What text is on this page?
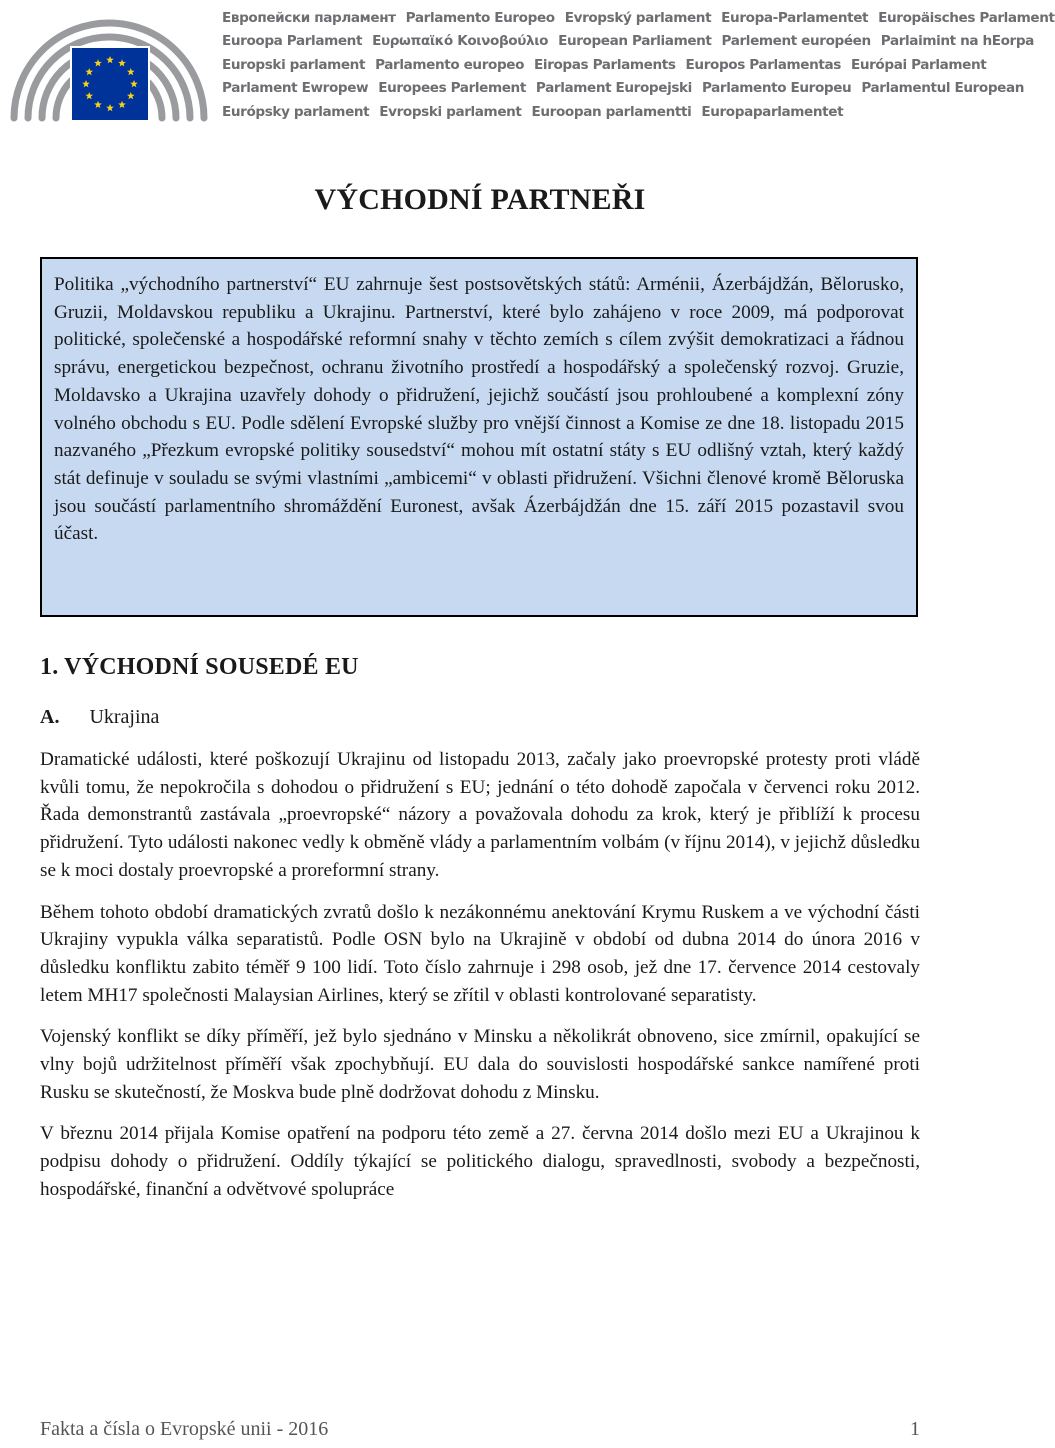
Европейски парламент Parlamento Europeo Evropský parlament Europa-Parlamentet Europäisches Parlament
Euroopa Parlament Ευρωπαϊκό Κοινοβούλιο European Parliament Parlement européen Parlaimint na hEorpa
Europski parlament Parlamento europeo Eiropas Parlaments Europos Parlamentas Európai Parlament
Parlament Ewropew Europees Parlement Parlament Europejski Parlamento Europeu Parlamentul European
Európsky parlament Evropski parlament Euroopan parlamentti Europaparlamentet
VÝCHODNÍ PARTNEŘI

Politika „východního partnerství“ EU zahrnuje šest postsovětských států: Arménii, Ázerbájdžán, Bělorusko, Gruzii, Moldavskou republiku a Ukrajinu. Partnerství, které bylo zahájeno v roce 2009, má podporovat politické, společenské a hospodářské reformní snahy v těchto zemích s cílem zvýšit demokratizaci a řádnou správu, energetickou bezpečnost, ochranu životního prostředí a hospodářský a společenský rozvoj. Gruzie, Moldavsko a Ukrajina uzavřely dohody o přidružení, jejichž součástí jsou prohloubené a komplexní zóny volného obchodu s EU. Podle sdělení Evropské služby pro vnější činnost a Komise ze dne 18. listopadu 2015 nazvaného „Přezkum evropské politiky sousedství“ mohou mít ostatní státy s EU odlišný vztah, který každý stát definuje v souladu se svými vlastními „ambicemi“ v oblasti přidružení. Všichni členové kromě Běloruska jsou součástí parlamentního shromáždění Euronest, avšak Ázerbájdžán dne 15. září 2015 pozastavil svou účast.

1. VÝCHODNÍ SOUSEDÉ EU
A. Ukrajina

Dramatické události, které poškozují Ukrajinu od listopadu 2013, začaly jako proevropské protesty proti vládě kvůli tomu, že nepokročila s dohodou o přidružení s EU; jednání o této dohodě započala v červenci roku 2012. Řada demonstrantů zastávala „proevropské“ názory a považovala dohodu za krok, který je přiblíží k procesu přidružení. Tyto události nakonec vedly k obměně vlády a parlamentním volbám (v říjnu 2014), v jejichž důsledku se k moci dostaly proevropské a proreformní strany.

Během tohoto období dramatických zvratů došlo k nezákonnému anektování Krymu Ruskem a ve východní části Ukrajiny vypukla válka separatistů. Podle OSN bylo na Ukrajině v období od dubna 2014 do února 2016 v důsledku konfliktu zabito téměř 9 100 lidí. Toto číslo zahrnuje i 298 osob, jež dne 17. července 2014 cestovaly letem MH17 společnosti Malaysian Airlines, který se zřítil v oblasti kontrolované separatisty.

Vojenský konflikt se díky příměří, jež bylo sjednáno v Minsku a několikrát obnoveno, sice zmírnil, opakující se vlny bojů udržitelnost příměří však zpochybňují. EU dala do souvislosti hospodářské sankce namířené proti Rusku se skutečností, že Moskva bude plně dodržovat dohodu z Minsku.

V březnu 2014 přijala Komise opatření na podporu této země a 27. června 2014 došlo mezi EU a Ukrajinou k podpisu dohody o přidružení. Oddíly týkající se politického dialogu, spravedlnosti, svobody a bezpečnosti, hospodářské, finanční a odvětvové spolupráce

Fakta a čísla o Evropské unii - 2016	1
